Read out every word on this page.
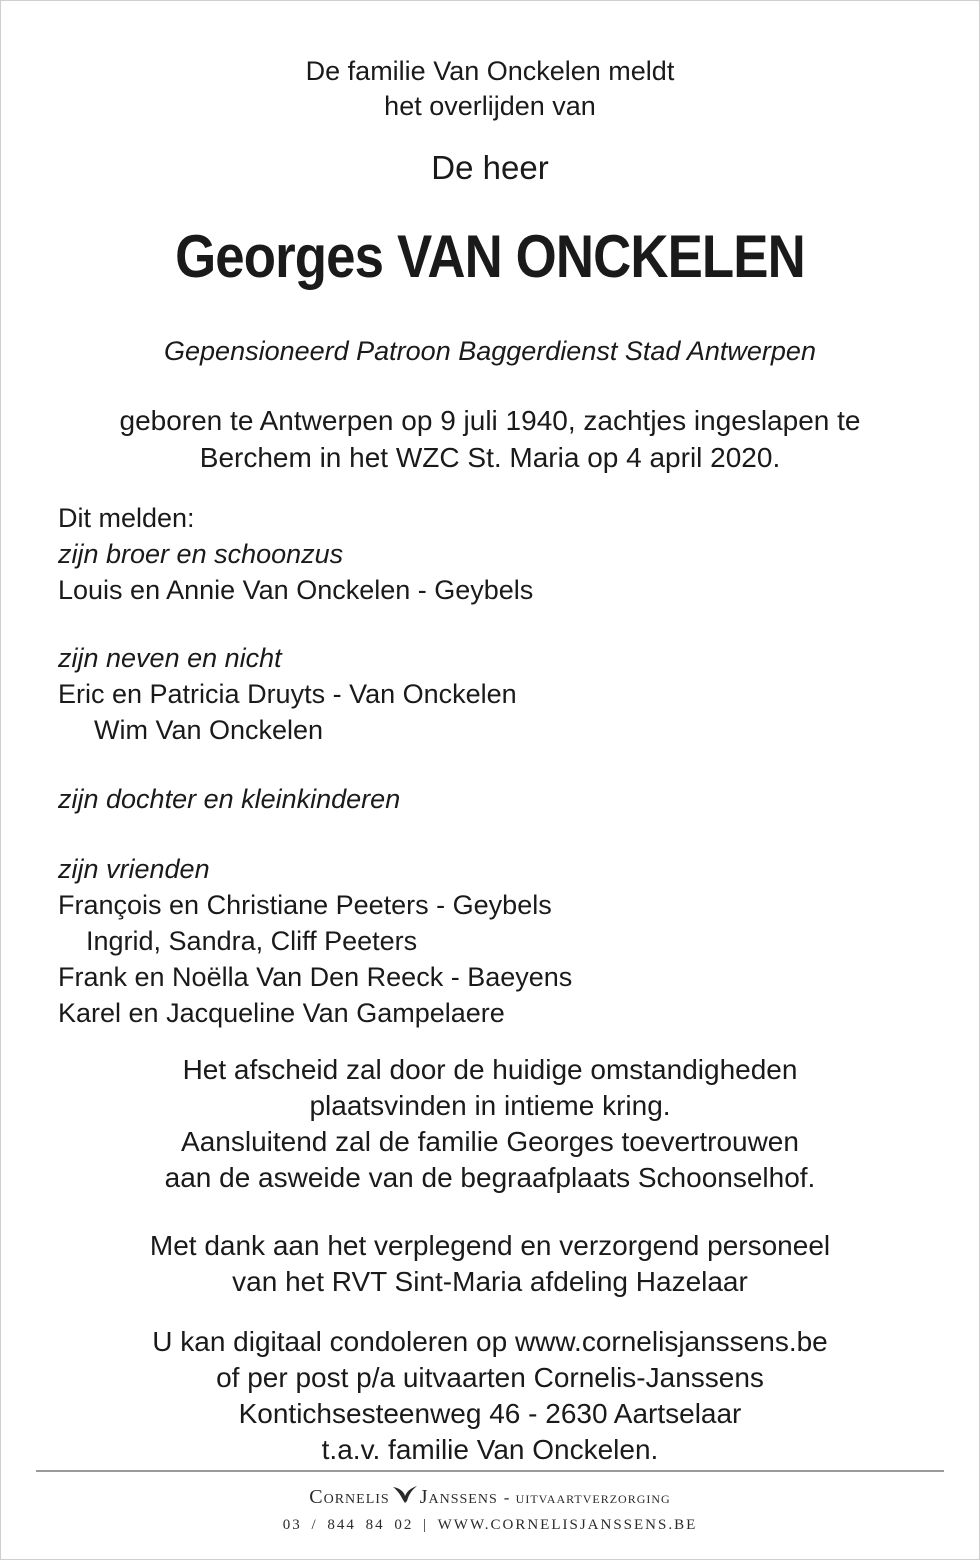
De familie Van Onckelen meldt
het overlijden van
De heer
Georges VAN ONCKELEN
Gepensioneerd Patroon Baggerdienst Stad Antwerpen
geboren te Antwerpen op 9 juli 1940, zachtjes ingeslapen te
Berchem in het WZC St. Maria op 4 april 2020.
Dit melden:
zijn broer en schoonzus
Louis en Annie Van Onckelen - Geybels
zijn neven en nicht
Eric en Patricia Druyts - Van Onckelen
Wim Van Onckelen
zijn dochter en kleinkinderen
zijn vrienden
François en Christiane Peeters - Geybels
Ingrid, Sandra, Cliff Peeters
Frank en Noëlla Van Den Reeck - Baeyens
Karel en Jacqueline Van Gampelaere
Het afscheid zal door de huidige omstandigheden
plaatsvinden in intieme kring.
Aansluitend zal de familie Georges toevertrouwen
aan de asweide van de begraafplaats Schoonselhof.
Met dank aan het verplegend en verzorgend personeel
van het RVT Sint-Maria afdeling Hazelaar
U kan digitaal condoleren op www.cornelisjanssens.be
of per post p/a uitvaarten Cornelis-Janssens
Kontichsesteenweg 46 - 2630 Aartselaar
t.a.v. familie Van Onckelen.
Cornelis Janssens - uitvaartverzorging
03 / 844 84 02 | WWW.CORNELISJANSSENS.BE
